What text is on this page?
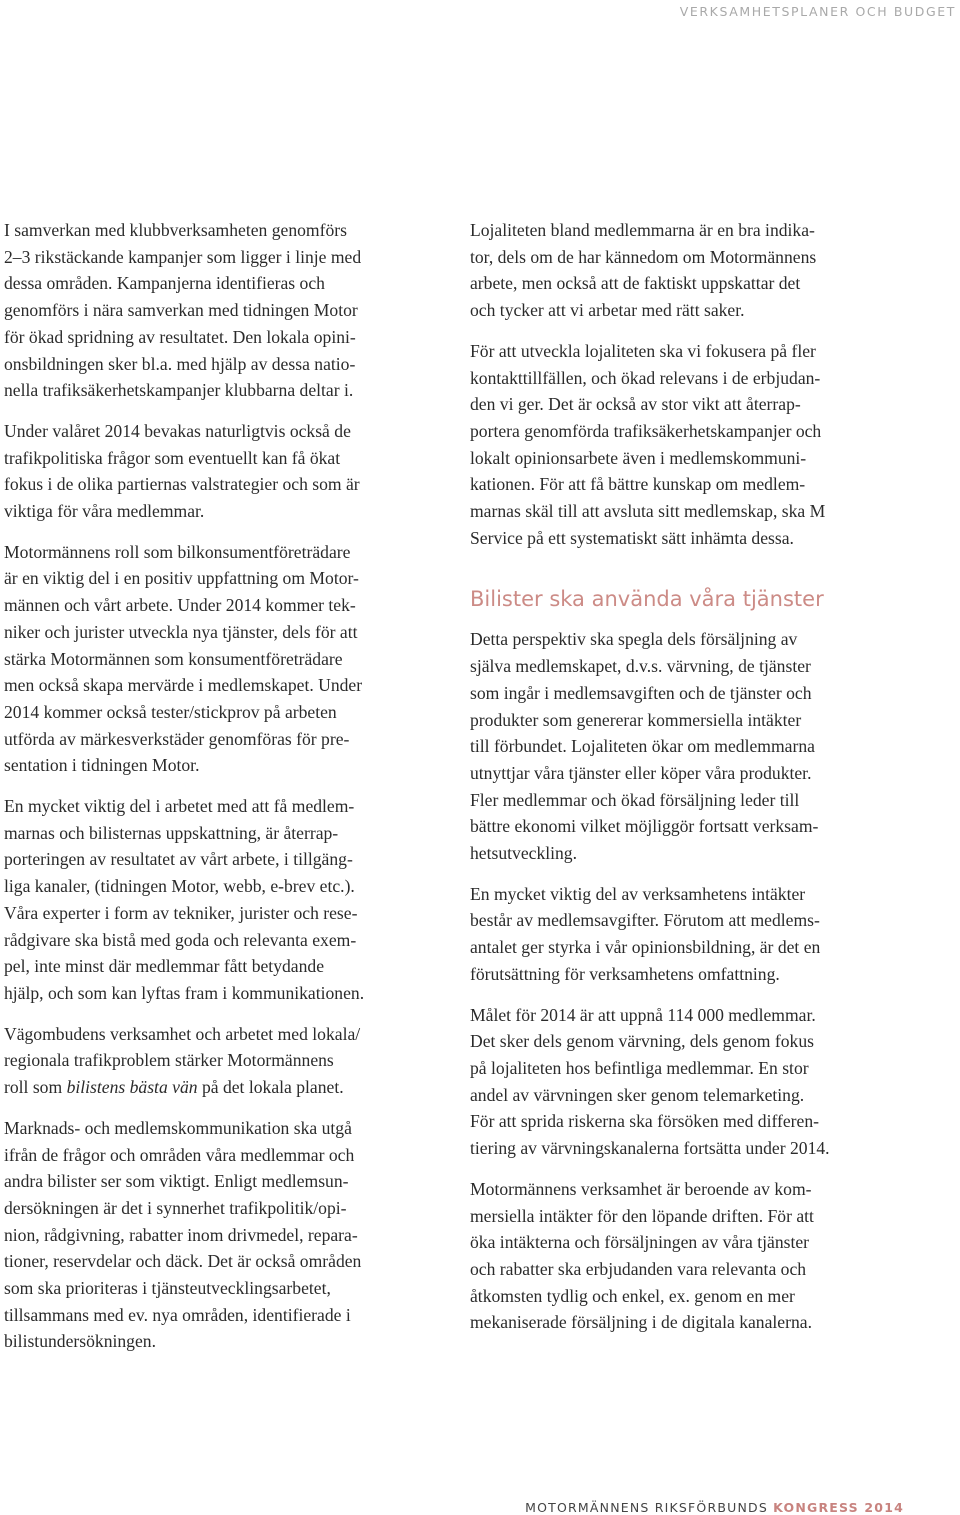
VERKSAMHETSPLANER OCH BUDGET

I samverkan med klubbverksamheten genomförs
2–3 rikstäckande kampanjer som ligger i linje med
dessa områden. Kampanjerna identifieras och
genomförs i nära samverkan med tidningen Motor
för ökad spridning av resultatet. Den lokala opini-
onsbildningen sker bl.a. med hjälp av dessa natio-
nella trafiksäkerhetskampanjer klubbarna deltar i.

Under valåret 2014 bevakas naturligtvis också de
trafikpolitiska frågor som eventuellt kan få ökat
fokus i de olika partiernas valstrategier och som är
viktiga för våra medlemmar.

Motormännens roll som bilkonsumentföreträdare
är en viktig del i en positiv uppfattning om Motor-
männen och vårt arbete. Under 2014 kommer tek-
niker och jurister utveckla nya tjänster, dels för att
stärka Motormännen som konsumentföreträdare
men också skapa mervärde i medlemskapet. Under
2014 kommer också tester/stickprov på arbeten
utförda av märkesverkstäder genomföras för pre-
sentation i tidningen Motor.

En mycket viktig del i arbetet med att få medlem-
marnas och bilisternas uppskattning, är återrap-
porteringen av resultatet av vårt arbete, i tillgäng-
liga kanaler, (tidningen Motor, webb, e-brev etc.).
Våra experter i form av tekniker, jurister och rese-
rådgivare ska bistå med goda och relevanta exem-
pel, inte minst där medlemmar fått betydande
hjälp, och som kan lyftas fram i kommunikationen.

Vägombudens verksamhet och arbetet med lokala/
regionala trafikproblem stärker Motormännens
roll som bilistens bästa vän på det lokala planet.

Marknads- och medlemskommunikation ska utgå
ifrån de frågor och områden våra medlemmar och
andra bilister ser som viktigt. Enligt medlemsun-
dersökningen är det i synnerhet trafikpolitik/opi-
nion, rådgivning, rabatter inom drivmedel, repara-
tioner, reservdelar och däck. Det är också områden
som ska prioriteras i tjänsteutvecklingsarbetet,
tillsammans med ev. nya områden, identifierade i
bilistundersökningen.

Lojaliteten bland medlemmarna är en bra indika-
tor, dels om de har kännedom om Motormännens
arbete, men också att de faktiskt uppskattar det
och tycker att vi arbetar med rätt saker.

För att utveckla lojaliteten ska vi fokusera på fler
kontakttillfällen, och ökad relevans i de erbjudan-
den vi ger. Det är också av stor vikt att återrap-
portera genomförda trafiksäkerhetskampanjer och
lokalt opinionsarbete även i medlemskommuni-
kationen. För att få bättre kunskap om medlem-
marnas skäl till att avsluta sitt medlemskap, ska M
Service på ett systematiskt sätt inhämta dessa.

Bilister ska använda våra tjänster

Detta perspektiv ska spegla dels försäljning av
själva medlemskapet, d.v.s. värvning, de tjänster
som ingår i medlemsavgiften och de tjänster och
produkter som genererar kommersiella intäkter
till förbundet. Lojaliteten ökar om medlemmarna
utnyttjar våra tjänster eller köper våra produkter.
Fler medlemmar och ökad försäljning leder till
bättre ekonomi vilket möjliggör fortsatt verksam-
hetsutveckling.

En mycket viktig del av verksamhetens intäkter
består av medlemsavgifter. Förutom att medlems-
antalet ger styrka i vår opinionsbildning, är det en
förutsättning för verksamhetens omfattning.

Målet för 2014 är att uppnå 114 000 medlemmar.
Det sker dels genom värvning, dels genom fokus
på lojaliteten hos befintliga medlemmar. En stor
andel av värvningen sker genom telemarketing.
För att sprida riskerna ska försöken med differen-
tiering av värvningskanalerna fortsätta under 2014.

Motormännens verksamhet är beroende av kom-
mersiella intäkter för den löpande driften. För att
öka intäkterna och försäljningen av våra tjänster
och rabatter ska erbjudanden vara relevanta och
åtkomsten tydlig och enkel, ex. genom en mer
mekaniserade försäljning i de digitala kanalerna.

MOTORMÄNNENS RIKSFÖRBUNDS KONGRESS 2014
